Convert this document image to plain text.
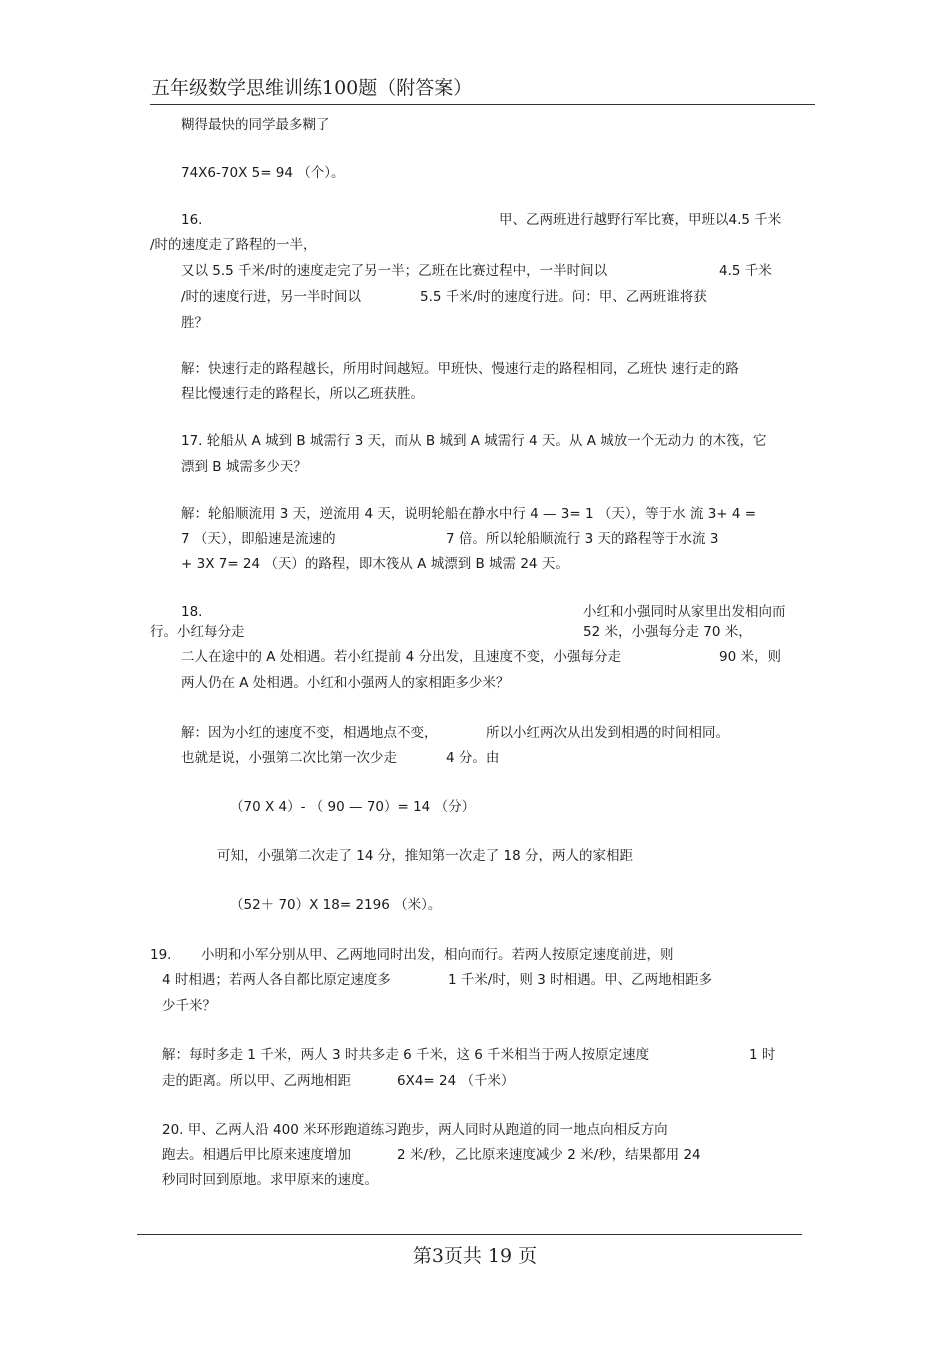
五年级数学思维训练100题（附答案）
糊得最快的同学最多糊了
74X6-70X 5= 94 （个）。
16.	甲、乙两班进行越野行军比赛，甲班以4.5 千米
/时的速度走了路程的一半，
又以 5.5 千米/时的速度走完了另一半；乙班在比赛过程中，一半时间以	4.5 千米
/时的速度行进，另一半时间以	5.5 千米/时的速度行进。问：甲、乙两班谁将获
胜？
解：快速行走的路程越长，所用时间越短。甲班快、慢速行走的路程相同，乙班快 速行走的路
程比慢速行走的路程长，所以乙班获胜。
17. 轮船从 A 城到 B 城需行 3 天，而从 B 城到 A 城需行 4 天。从 A 城放一个无动力 的木筏，它
漂到 B 城需多少天？
解：轮船顺流用 3 天，逆流用 4 天，说明轮船在静水中行 4 — 3= 1 （天），等于水 流 3+ 4 =
7 （天），即船速是流速的	7 倍。所以轮船顺流行 3 天的路程等于水流 3
+ 3X 7= 24 （天）的路程，即木筏从 A 城漂到 B 城需 24 天。
18.	小红和小强同时从家里出发相向而
行。小红每分走	52 米，小强每分走 70 米，
二人在途中的 A 处相遇。若小红提前 4 分出发，且速度不变，小强每分走	90 米，则
两人仍在 A 处相遇。小红和小强两人的家相距多少米？
解：因为小红的速度不变，相遇地点不变，	所以小红两次从出发到相遇的时间相同。
也就是说，小强第二次比第一次少走	4 分。由
（70 X 4）- （ 90 — 70）= 14 （分）
可知，小强第二次走了 14 分，推知第一次走了 18 分，两人的家相距
（52＋ 70）X 18= 2196 （米）。
19. 小明和小军分别从甲、乙两地同时出发，相向而行。若两人按原定速度前进，则
4 时相遇；若两人各自都比原定速度多	1 千米/时，则 3 时相遇。甲、乙两地相距多
少千米？
解：每时多走 1 千米，两人 3 时共多走 6 千米，这 6 千米相当于两人按原定速度	1 时
走的距离。所以甲、乙两地相距	6X4= 24 （千米）
20. 甲、乙两人沿 400 米环形跑道练习跑步，两人同时从跑道的同一地点向相反方向
跑去。相遇后甲比原来速度增加	2 米/秒，乙比原来速度减少 2 米/秒，结果都用 24
秒同时回到原地。求甲原来的速度。
第3页共 19 页
